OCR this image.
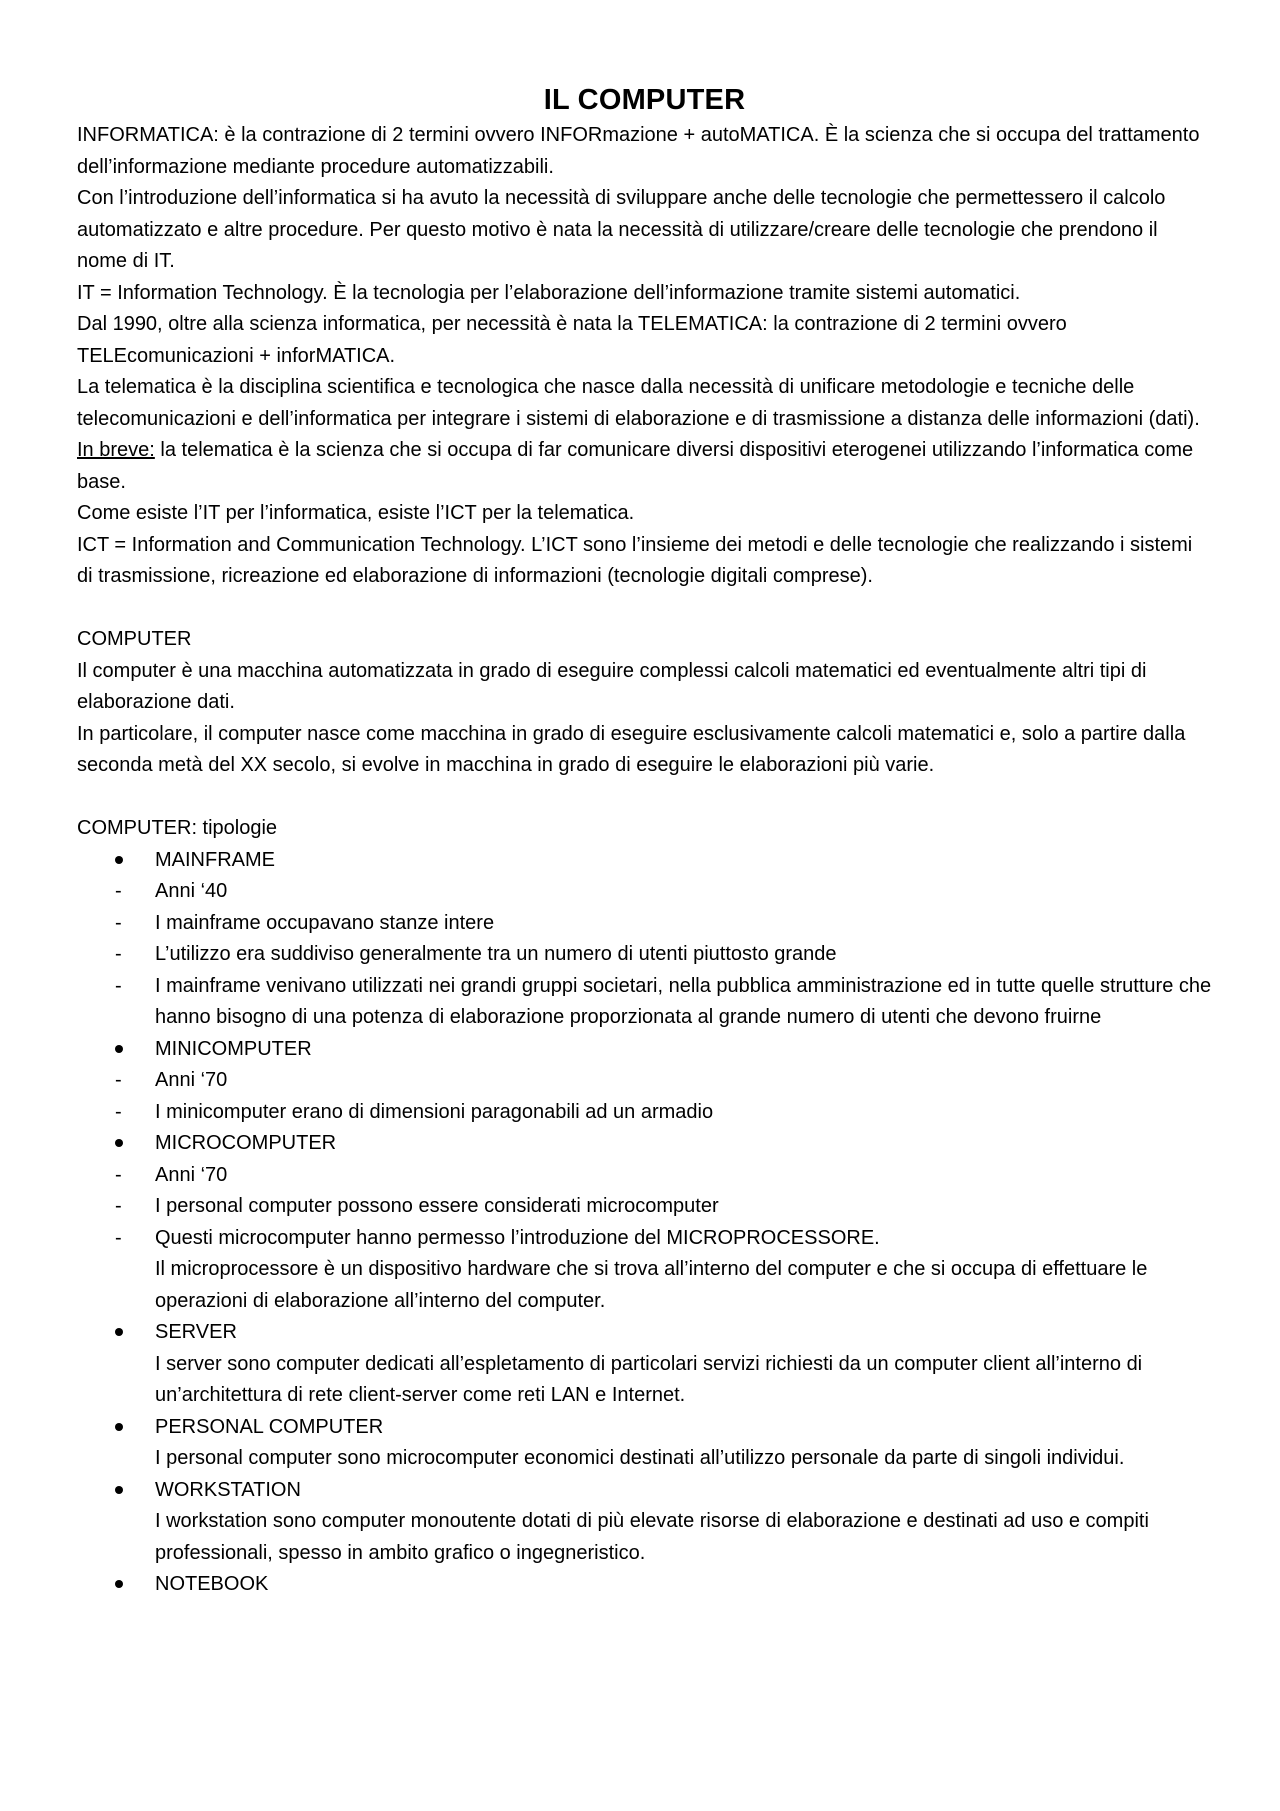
IL COMPUTER

INFORMATICA: è la contrazione di 2 termini ovvero INFORmazione + autoMATICA. È la scienza che si occupa del trattamento dell’informazione mediante procedure automatizzabili.

Con l’introduzione dell’informatica si ha avuto la necessità di sviluppare anche delle tecnologie che permettessero il calcolo automatizzato e altre procedure. Per questo motivo è nata la necessità di utilizzare/creare delle tecnologie che prendono il nome di IT.

IT = Information Technology. È la tecnologia per l’elaborazione dell’informazione tramite sistemi automatici.

Dal 1990, oltre alla scienza informatica, per necessità è nata la TELEMATICA: la contrazione di 2 termini ovvero TELEcomunicazioni + inforMATICA.

La telematica è la disciplina scientifica e tecnologica che nasce dalla necessità di unificare metodologie e tecniche delle telecomunicazioni e dell’informatica per integrare i sistemi di elaborazione e di trasmissione a distanza delle informazioni (dati).

In breve: la telematica è la scienza che si occupa di far comunicare diversi dispositivi eterogenei utilizzando l’informatica come base.

Come esiste l’IT per l’informatica, esiste l’ICT per la telematica.

ICT = Information and Communication Technology. L’ICT sono l’insieme dei metodi e delle tecnologie che realizzando i sistemi di trasmissione, ricreazione ed elaborazione di informazioni (tecnologie digitali comprese).

COMPUTER

Il computer è una macchina automatizzata in grado di eseguire complessi calcoli matematici ed eventualmente altri tipi di elaborazione dati.

In particolare, il computer nasce come macchina in grado di eseguire esclusivamente calcoli matematici e, solo a partire dalla seconda metà del XX secolo, si evolve in macchina in grado di eseguire le elaborazioni più varie.

COMPUTER: tipologie

MAINFRAME
-	Anni ‘40
-	I mainframe occupavano stanze intere
-	L’utilizzo era suddiviso generalmente tra un numero di utenti piuttosto grande
-	I mainframe venivano utilizzati nei grandi gruppi societari, nella pubblica amministrazione ed in tutte quelle strutture che hanno bisogno di una potenza di elaborazione proporzionata al grande numero di utenti che devono fruirne
MINICOMPUTER
-	Anni ‘70
-	I minicomputer erano di dimensioni paragonabili ad un armadio
MICROCOMPUTER
-	Anni ‘70
-	I personal computer possono essere considerati microcomputer
-	Questi microcomputer hanno permesso l’introduzione del MICROPROCESSORE.
Il microprocessore è un dispositivo hardware che si trova all’interno del computer e che si occupa di effettuare le operazioni di elaborazione all’interno del computer.
SERVER
I server sono computer dedicati all’espletamento di particolari servizi richiesti da un computer client all’interno di un’architettura di rete client-server come reti LAN e Internet.
PERSONAL COMPUTER
I personal computer sono microcomputer economici destinati all’utilizzo personale da parte di singoli individui.
WORKSTATION
I workstation sono computer monoutente dotati di più elevate risorse di elaborazione e destinati ad uso e compiti professionali, spesso in ambito grafico o ingegneristico.
NOTEBOOK
